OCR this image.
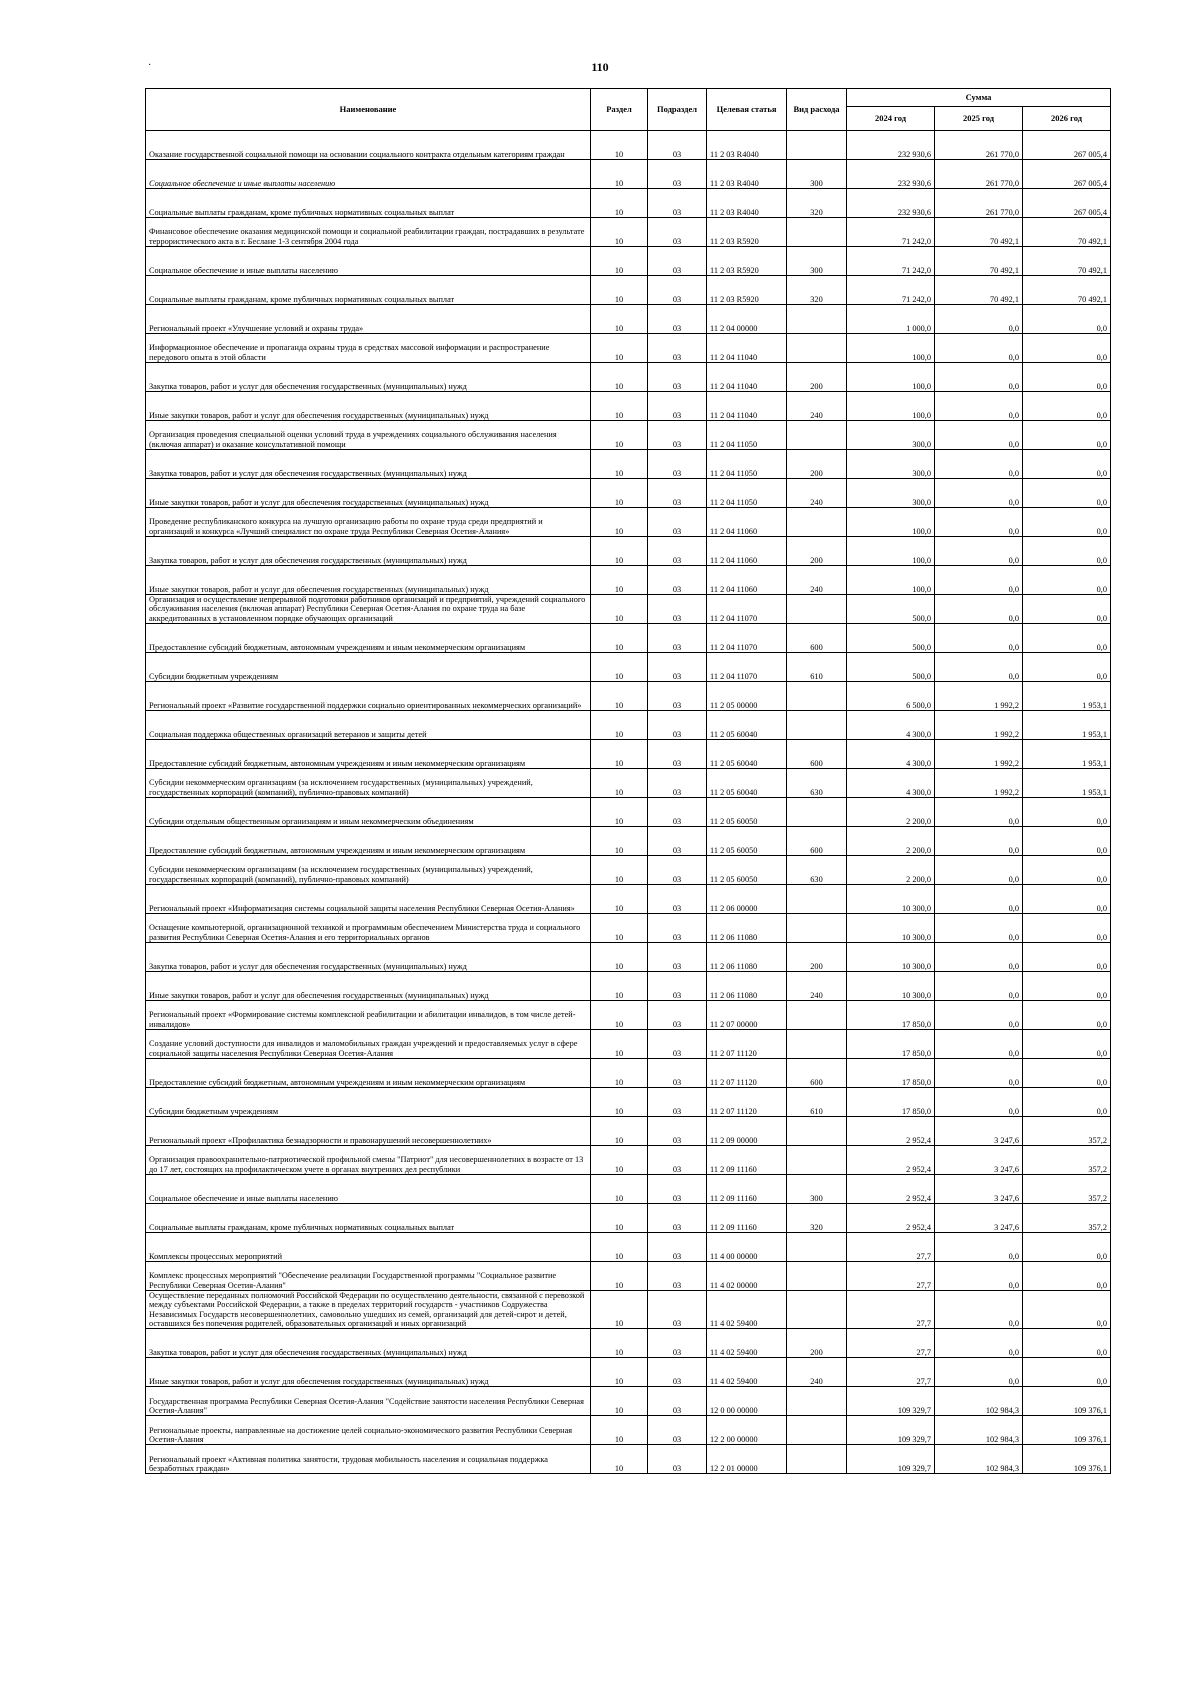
·	110
Наименование	Раздел	Подраздел	Целевая статья	Вид расхода	Сумма		
					2024 год	2025 год	2026 год
Оказание государственной социальной помощи на основании социального контракта отдельным категориям граждан	10	03	11 2 03 R4040		232 930,6	261 770,0	267 005,4
Социальное обеспечение и иные выплаты населению	10	03	11 2 03 R4040	300	232 930,6	261 770,0	267 005,4
Социальные выплаты гражданам, кроме публичных нормативных социальных выплат	10	03	11 2 03 R4040	320	232 930,6	261 770,0	267 005,4
Финансовое обеспечение оказания медицинской помощи и социальной реабилитации граждан, пострадавших в результате террористического акта в г. Беслане 1-3 сентября 2004 года	10	03	11 2 03 R5920		71 242,0	70 492,1	70 492,1
Социальное обеспечение и иные выплаты населению	10	03	11 2 03 R5920	300	71 242,0	70 492,1	70 492,1
Социальные выплаты гражданам, кроме публичных нормативных социальных выплат	10	03	11 2 03 R5920	320	71 242,0	70 492,1	70 492,1
Региональный проект «Улучшение условий и охраны труда»	10	03	11 2 04 00000		1 000,0	0,0	0,0
Информационное обеспечение и пропаганда охраны труда в средствах массовой информации и распространение передового опыта в этой области	10	03	11 2 04 11040		100,0	0,0	0,0
Закупка товаров, работ и услуг для обеспечения государственных (муниципальных) нужд	10	03	11 2 04 11040	200	100,0	0,0	0,0
Иные закупки товаров, работ и услуг для обеспечения государственных (муниципальных) нужд	10	03	11 2 04 11040	240	100,0	0,0	0,0
Организация проведения специальной оценки условий труда в учреждениях социального обслуживания населения (включая аппарат) и оказание консультативной помощи	10	03	11 2 04 11050		300,0	0,0	0,0
Закупка товаров, работ и услуг для обеспечения государственных (муниципальных) нужд	10	03	11 2 04 11050	200	300,0	0,0	0,0
Иные закупки товаров, работ и услуг для обеспечения государственных (муниципальных) нужд	10	03	11 2 04 11050	240	300,0	0,0	0,0
Проведение республиканского конкурса на лучшую организацию работы по охране труда среди предприятий и организаций и конкурса «Лучший специалист по охране труда Республики Северная Осетия-Алания»	10	03	11 2 04 11060		100,0	0,0	0,0
Закупка товаров, работ и услуг для обеспечения государственных (муниципальных) нужд	10	03	11 2 04 11060	200	100,0	0,0	0,0
Иные закупки товаров, работ и услуг для обеспечения государственных (муниципальных) нужд	10	03	11 2 04 11060	240	100,0	0,0	0,0
Организация и осуществление непрерывной подготовки работников организаций и предприятий, учреждений социального обслуживания населения (включая аппарат) Республики Северная Осетия-Алания по охране труда на базе аккредитованных в установленном порядке обучающих организаций	10	03	11 2 04 11070		500,0	0,0	0,0
Предоставление субсидий бюджетным, автономным учреждениям и иным некоммерческим организациям	10	03	11 2 04 11070	600	500,0	0,0	0,0
Субсидии бюджетным учреждениям	10	03	11 2 04 11070	610	500,0	0,0	0,0
Региональный проект «Развитие государственной поддержки социально ориентированных некоммерческих организаций»	10	03	11 2 05 00000		6 500,0	1 992,2	1 953,1
Социальная поддержка общественных организаций ветеранов и защиты детей	10	03	11 2 05 60040		4 300,0	1 992,2	1 953,1
Предоставление субсидий бюджетным, автономным учреждениям и иным некоммерческим организациям	10	03	11 2 05 60040	600	4 300,0	1 992,2	1 953,1
Субсидии некоммерческим организациям (за исключением государственных (муниципальных) учреждений, государственных корпораций (компаний), публично-правовых компаний)	10	03	11 2 05 60040	630	4 300,0	1 992,2	1 953,1
Субсидии отдельным общественным организациям и иным некоммерческим объединениям	10	03	11 2 05 60050		2 200,0	0,0	0,0
Предоставление субсидий бюджетным, автономным учреждениям и иным некоммерческим организациям	10	03	11 2 05 60050	600	2 200,0	0,0	0,0
Субсидии некоммерческим организациям (за исключением государственных (муниципальных) учреждений, государственных корпораций (компаний), публично-правовых компаний)	10	03	11 2 05 60050	630	2 200,0	0,0	0,0
Региональный проект «Информатизация системы социальной защиты населения Республики Северная Осетия-Алания»	10	03	11 2 06 00000		10 300,0	0,0	0,0
Оснащение компьютерной, организационной техникой и программным обеспечением Министерства труда и социального развития Республики Северная Осетия-Алания и его территориальных органов	10	03	11 2 06 11080		10 300,0	0,0	0,0
Закупка товаров, работ и услуг для обеспечения государственных (муниципальных) нужд	10	03	11 2 06 11080	200	10 300,0	0,0	0,0
Иные закупки товаров, работ и услуг для обеспечения государственных (муниципальных) нужд	10	03	11 2 06 11080	240	10 300,0	0,0	0,0
Региональный проект «Формирование системы комплексной реабилитации и абилитации инвалидов, в том числе детей-инвалидов»	10	03	11 2 07 00000		17 850,0	0,0	0,0
Создание условий доступности для инвалидов и маломобильных граждан учреждений и предоставляемых услуг в сфере социальной защиты населения Республики Северная Осетия-Алания	10	03	11 2 07 11120		17 850,0	0,0	0,0
Предоставление субсидий бюджетным, автономным учреждениям и иным некоммерческим организациям	10	03	11 2 07 11120	600	17 850,0	0,0	0,0
Субсидии бюджетным учреждениям	10	03	11 2 07 11120	610	17 850,0	0,0	0,0
Региональный проект «Профилактика безнадзорности и правонарушений несовершеннолетних»	10	03	11 2 09 00000		2 952,4	3 247,6	357,2
Организация правоохранительно-патриотической профильной смены "Патриот" для несовершеннолетних в возрасте от 13 до 17 лет, состоящих на профилактическом учете в органах внутренних дел республики	10	03	11 2 09 11160		2 952,4	3 247,6	357,2
Социальное обеспечение и иные выплаты населению	10	03	11 2 09 11160	300	2 952,4	3 247,6	357,2
Социальные выплаты гражданам, кроме публичных нормативных социальных выплат	10	03	11 2 09 11160	320	2 952,4	3 247,6	357,2
Комплексы процессных мероприятий	10	03	11 4 00 00000		27,7	0,0	0,0
Комплекс процессных мероприятий "Обеспечение реализации Государственной программы "Социальное развитие Республики Северная Осетия-Алания"	10	03	11 4 02 00000		27,7	0,0	0,0
Осуществление переданных полномочий Российской Федерации по осуществлению деятельности, связанной с перевозкой между субъектами Российской Федерации, а также в пределах территорий государств - участников Содружества Независимых Государств несовершеннолетних, самовольно ушедших из семей, организаций для детей-сирот и детей, оставшихся без попечения родителей, образовательных организаций и иных организаций	10	03	11 4 02 59400		27,7	0,0	0,0
Закупка товаров, работ и услуг для обеспечения государственных (муниципальных) нужд	10	03	11 4 02 59400	200	27,7	0,0	0,0
Иные закупки товаров, работ и услуг для обеспечения государственных (муниципальных) нужд	10	03	11 4 02 59400	240	27,7	0,0	0,0
Государственная программа Республики Северная Осетия-Алания "Содействие занятости населения Республики Северная Осетия-Алания"	10	03	12 0 00 00000		109 329,7	102 984,3	109 376,1
Региональные проекты, направленные на достижение целей социально-экономического развития Республики Северная Осетия-Алания	10	03	12 2 00 00000		109 329,7	102 984,3	109 376,1
Региональный проект «Активная политика занятости, трудовая мобильность населения и социальная поддержка безработных граждан»	10	03	12 2 01 00000		109 329,7	102 984,3	109 376,1
